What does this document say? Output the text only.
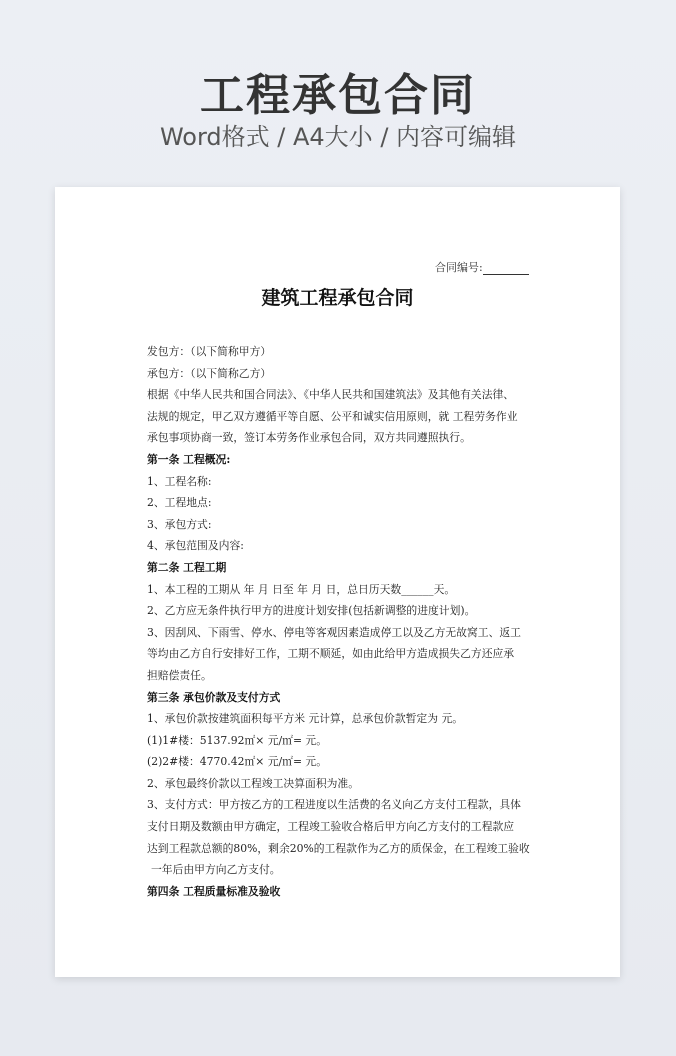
工程承包合同
Word格式 / A4大小 / 内容可编辑
合同编号:
建筑工程承包合同
发包方：（以下简称甲方）
承包方：（以下简称乙方）
根据《中华人民共和国合同法》、《中华人民共和国建筑法》及其他有关法律、
法规的规定，甲乙双方遵循平等自愿、公平和诚实信用原则，就 工程劳务作业
承包事项协商一致，签订本劳务作业承包合同，双方共同遵照执行。
第一条 工程概况:
1、工程名称:
2、工程地点:
3、承包方式:
4、承包范围及内容:
第二条 工程工期
1、本工程的工期从 年 月 日至 年 月 日，总日历天数______天。
2、乙方应无条件执行甲方的进度计划安排(包括新调整的进度计划)。
3、因刮风、下雨雪、停水、停电等客观因素造成停工以及乙方无故窝工、返工
等均由乙方自行安排好工作，工期不顺延，如由此给甲方造成损失乙方还应承
担赔偿责任。
第三条 承包价款及支付方式
1、承包价款按建筑面积每平方米 元计算，总承包价款暂定为 元。
(1)1#楼：5137.92㎡× 元/㎡= 元。
(2)2#楼：4770.42㎡× 元/㎡= 元。
2、承包最终价款以工程竣工决算面积为准。
3、支付方式：甲方按乙方的工程进度以生活费的名义向乙方支付工程款，具体
支付日期及数额由甲方确定，工程竣工验收合格后甲方向乙方支付的工程款应
达到工程款总额的80%，剩余20%的工程款作为乙方的质保金，在工程竣工验收
一年后由甲方向乙方支付。
第四条 工程质量标准及验收
